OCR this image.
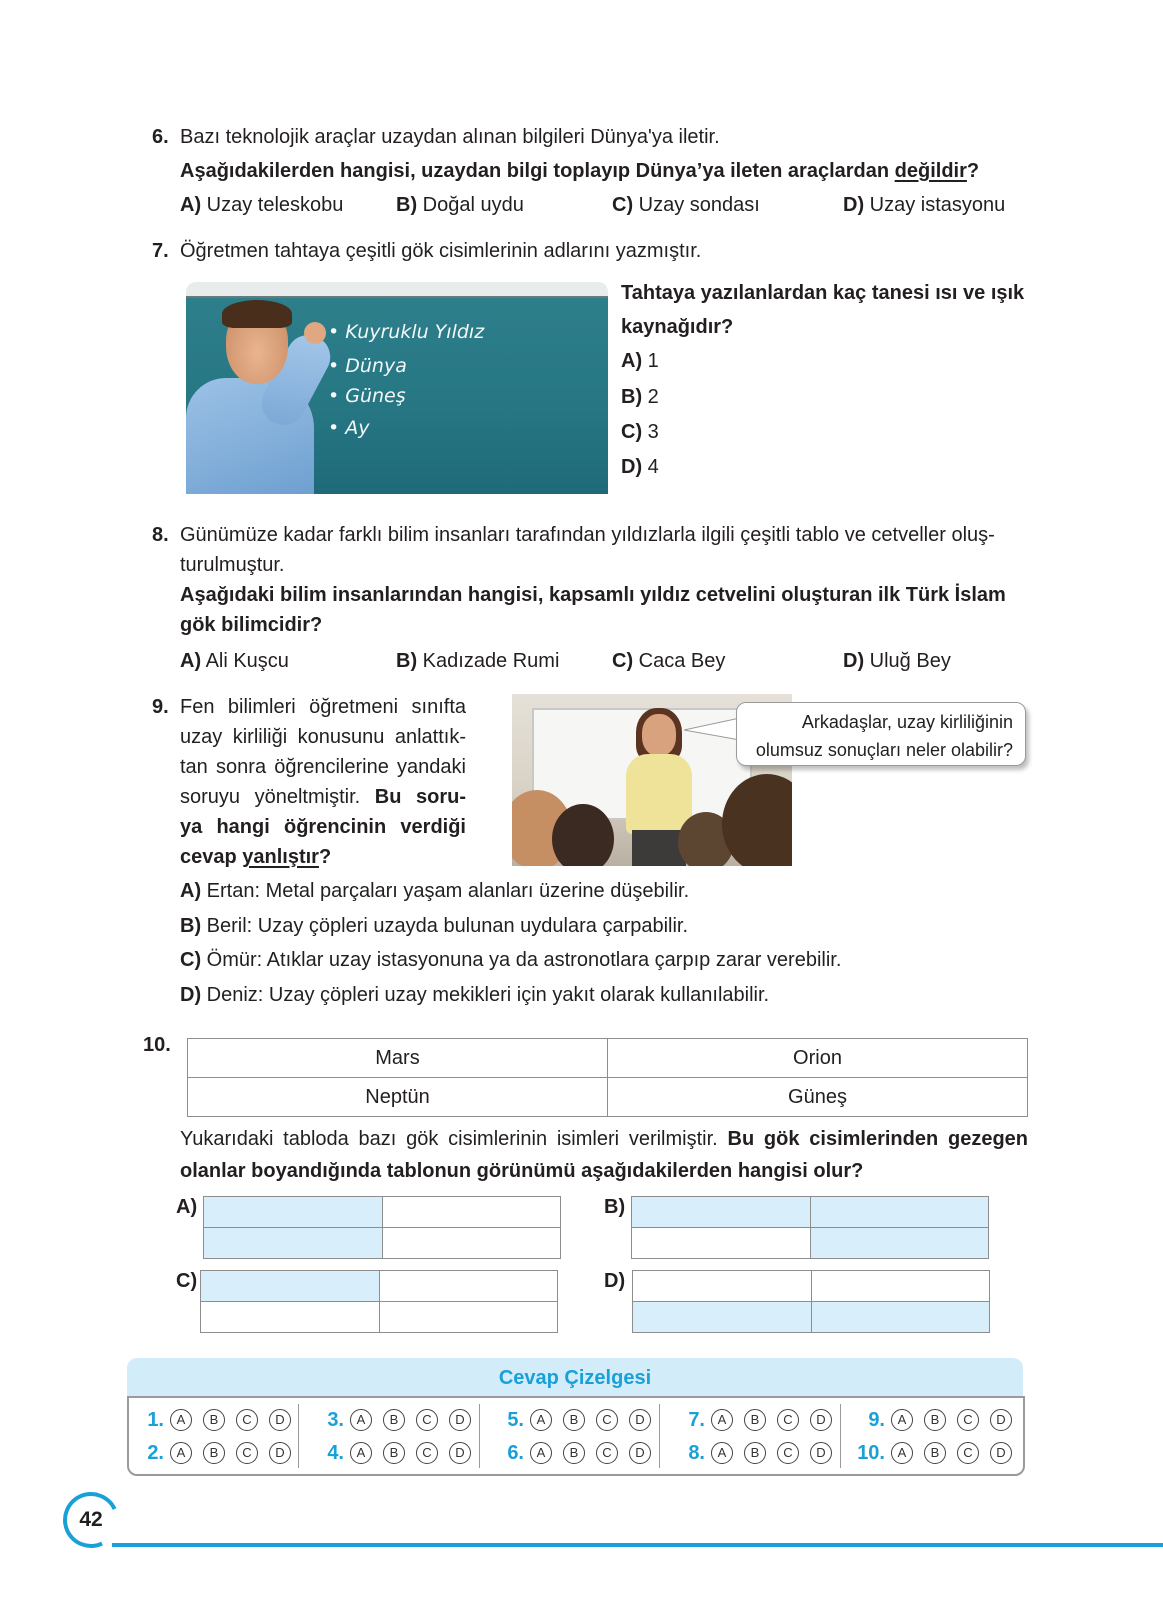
6. Bazı teknolojik araçlar uzaydan alınan bilgileri Dünya'ya iletir.
Aşağıdakilerden hangisi, uzaydan bilgi toplayıp Dünya’ya ileten araçlardan değildir?
A) Uzay teleskobu	B) Doğal uydu	C) Uzay sondası	D) Uzay istasyonu
7. Öğretmen tahtaya çeşitli gök cisimlerinin adlarını yazmıştır.
• Kuyruklu Yıldız
• Dünya
• Güneş
• Ay
Tahtaya yazılanlardan kaç tanesi ısı ve ışık
kaynağıdır?
A) 1
B) 2
C) 3
D) 4
8. Günümüze kadar farklı bilim insanları tarafından yıldızlarla ilgili çeşitli tablo ve cetveller oluş-
turulmuştur.
Aşağıdaki bilim insanlarından hangisi, kapsamlı yıldız cetvelini oluşturan ilk Türk İslam
gök bilimcidir?
A) Ali Kuşcu	B) Kadızade Rumi	C) Caca Bey	D) Uluğ Bey
9. Fen bilimleri öğretmeni sınıfta
uzay kirliliği konusunu anlattık-
tan sonra öğrencilerine yandaki
soruyu yöneltmiştir. Bu soru-
ya hangi öğrencinin verdiği
cevap yanlıştır?
Arkadaşlar, uzay kirliliğinin
olumsuz sonuçları neler olabilir?
A) Ertan: Metal parçaları yaşam alanları üzerine düşebilir.
B) Beril: Uzay çöpleri uzayda bulunan uydulara çarpabilir.
C) Ömür: Atıklar uzay istasyonuna ya da astronotlara çarpıp zarar verebilir.
D) Deniz: Uzay çöpleri uzay mekikleri için yakıt olarak kullanılabilir.
10.
Mars	Orion
Neptün	Güneş
Yukarıdaki tabloda bazı gök cisimlerinin isimleri verilmiştir. Bu gök cisimlerinden gezegen
olanlar boyandığında tablonun görünümü aşağıdakilerden hangisi olur?
A)

		B)

C)

		D)

Cevap Çizelgesi
1. A	B	C	D
2. A	B	C	D
3. A	B	C	D
4. A	B	C	D
5. A	B	C	D
6. A	B	C	D
7. A	B	C	D
8. A	B	C	D
9. A	B	C	D
10. A	B	C	D
42
